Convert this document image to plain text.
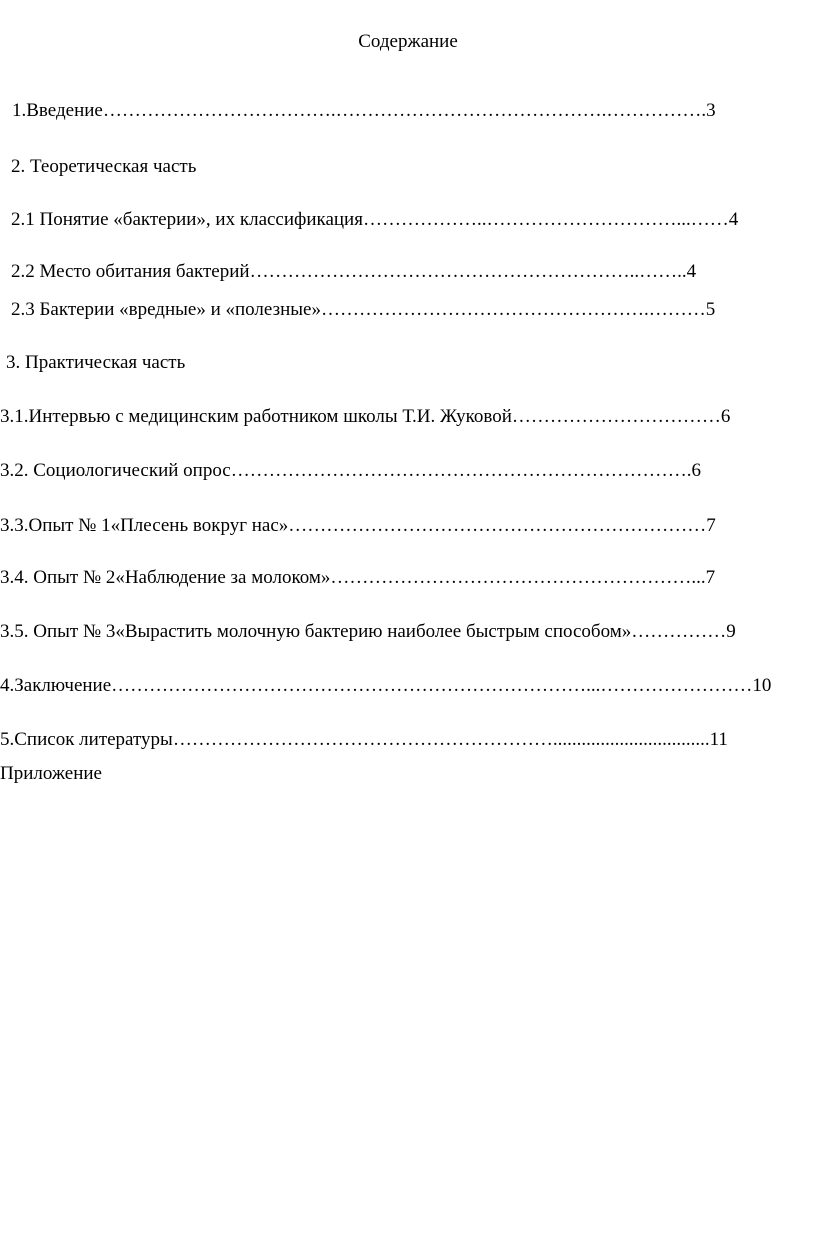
Содержание
1.Введение……………………………….…………………………………….…………….3
2. Теоретическая часть
2.1 Понятие «бактерии», их классификация………………..…………………………...……4
2.2 Место обитания бактерий……………………………………………………..……..4
2.3 Бактерии «вредные» и «полезные»…………………………………………….………5
3. Практическая часть
3.1.Интервью с медицинским работником школы Т.И. Жуковой……………………………6
3.2. Социологический опрос……………………………………………………………….6
3.3.Опыт № 1«Плесень вокруг нас»…………………………………………………………7
3.4. Опыт № 2«Наблюдение за молоком»…………………………………………………...7
3.5. Опыт № 3«Вырастить молочную бактерию наиболее быстрым способом»……………9
4.Заключение…………………………………………………………………...……………………10
5.Список литературы…………………………………………………….................................11
Приложение
